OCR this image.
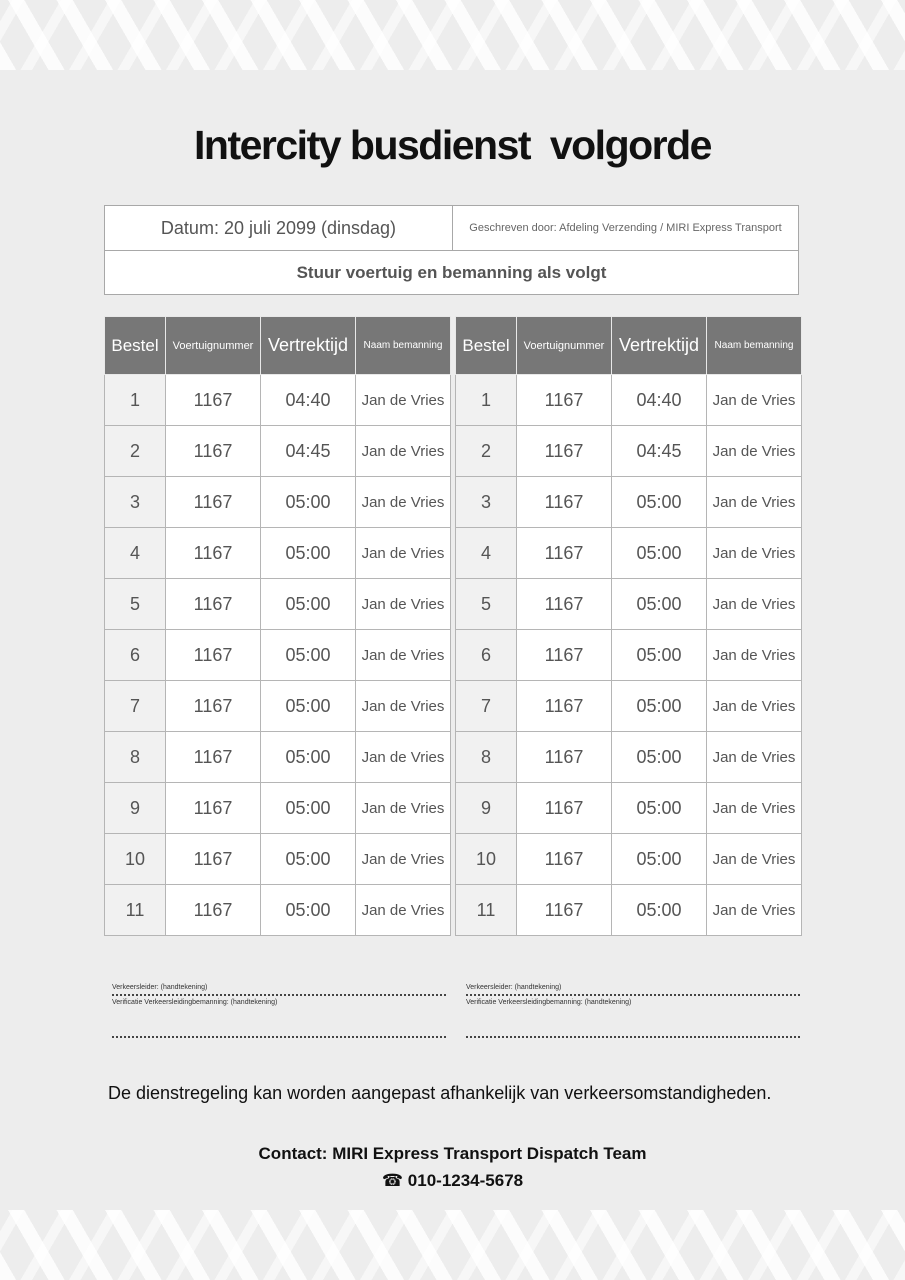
Intercity busdienst  volgorde
Datum: 20 juli 2099 (dinsdag)	Geschreven door: Afdeling Verzending / MIRI Express Transport
Stuur voertuig en bemanning als volgt
Bestel	Voertuignummer	Vertrektijd	Naam bemanning
1	1167	04:40	Jan de Vries
2	1167	04:45	Jan de Vries
3	1167	05:00	Jan de Vries
4	1167	05:00	Jan de Vries
5	1167	05:00	Jan de Vries
6	1167	05:00	Jan de Vries
7	1167	05:00	Jan de Vries
8	1167	05:00	Jan de Vries
9	1167	05:00	Jan de Vries
10	1167	05:00	Jan de Vries
11	1167	05:00	Jan de Vries
Bestel	Voertuignummer	Vertrektijd	Naam bemanning
1	1167	04:40	Jan de Vries
2	1167	04:45	Jan de Vries
3	1167	05:00	Jan de Vries
4	1167	05:00	Jan de Vries
5	1167	05:00	Jan de Vries
6	1167	05:00	Jan de Vries
7	1167	05:00	Jan de Vries
8	1167	05:00	Jan de Vries
9	1167	05:00	Jan de Vries
10	1167	05:00	Jan de Vries
11	1167	05:00	Jan de Vries
Verkeersleider: (handtekening)
Verificatie Verkeersleidingbemanning: (handtekening)
Verkeersleider: (handtekening)
Verificatie Verkeersleidingbemanning: (handtekening)
De dienstregeling kan worden aangepast afhankelijk van verkeersomstandigheden.
Contact: MIRI Express Transport Dispatch Team
☎ 010-1234-5678
